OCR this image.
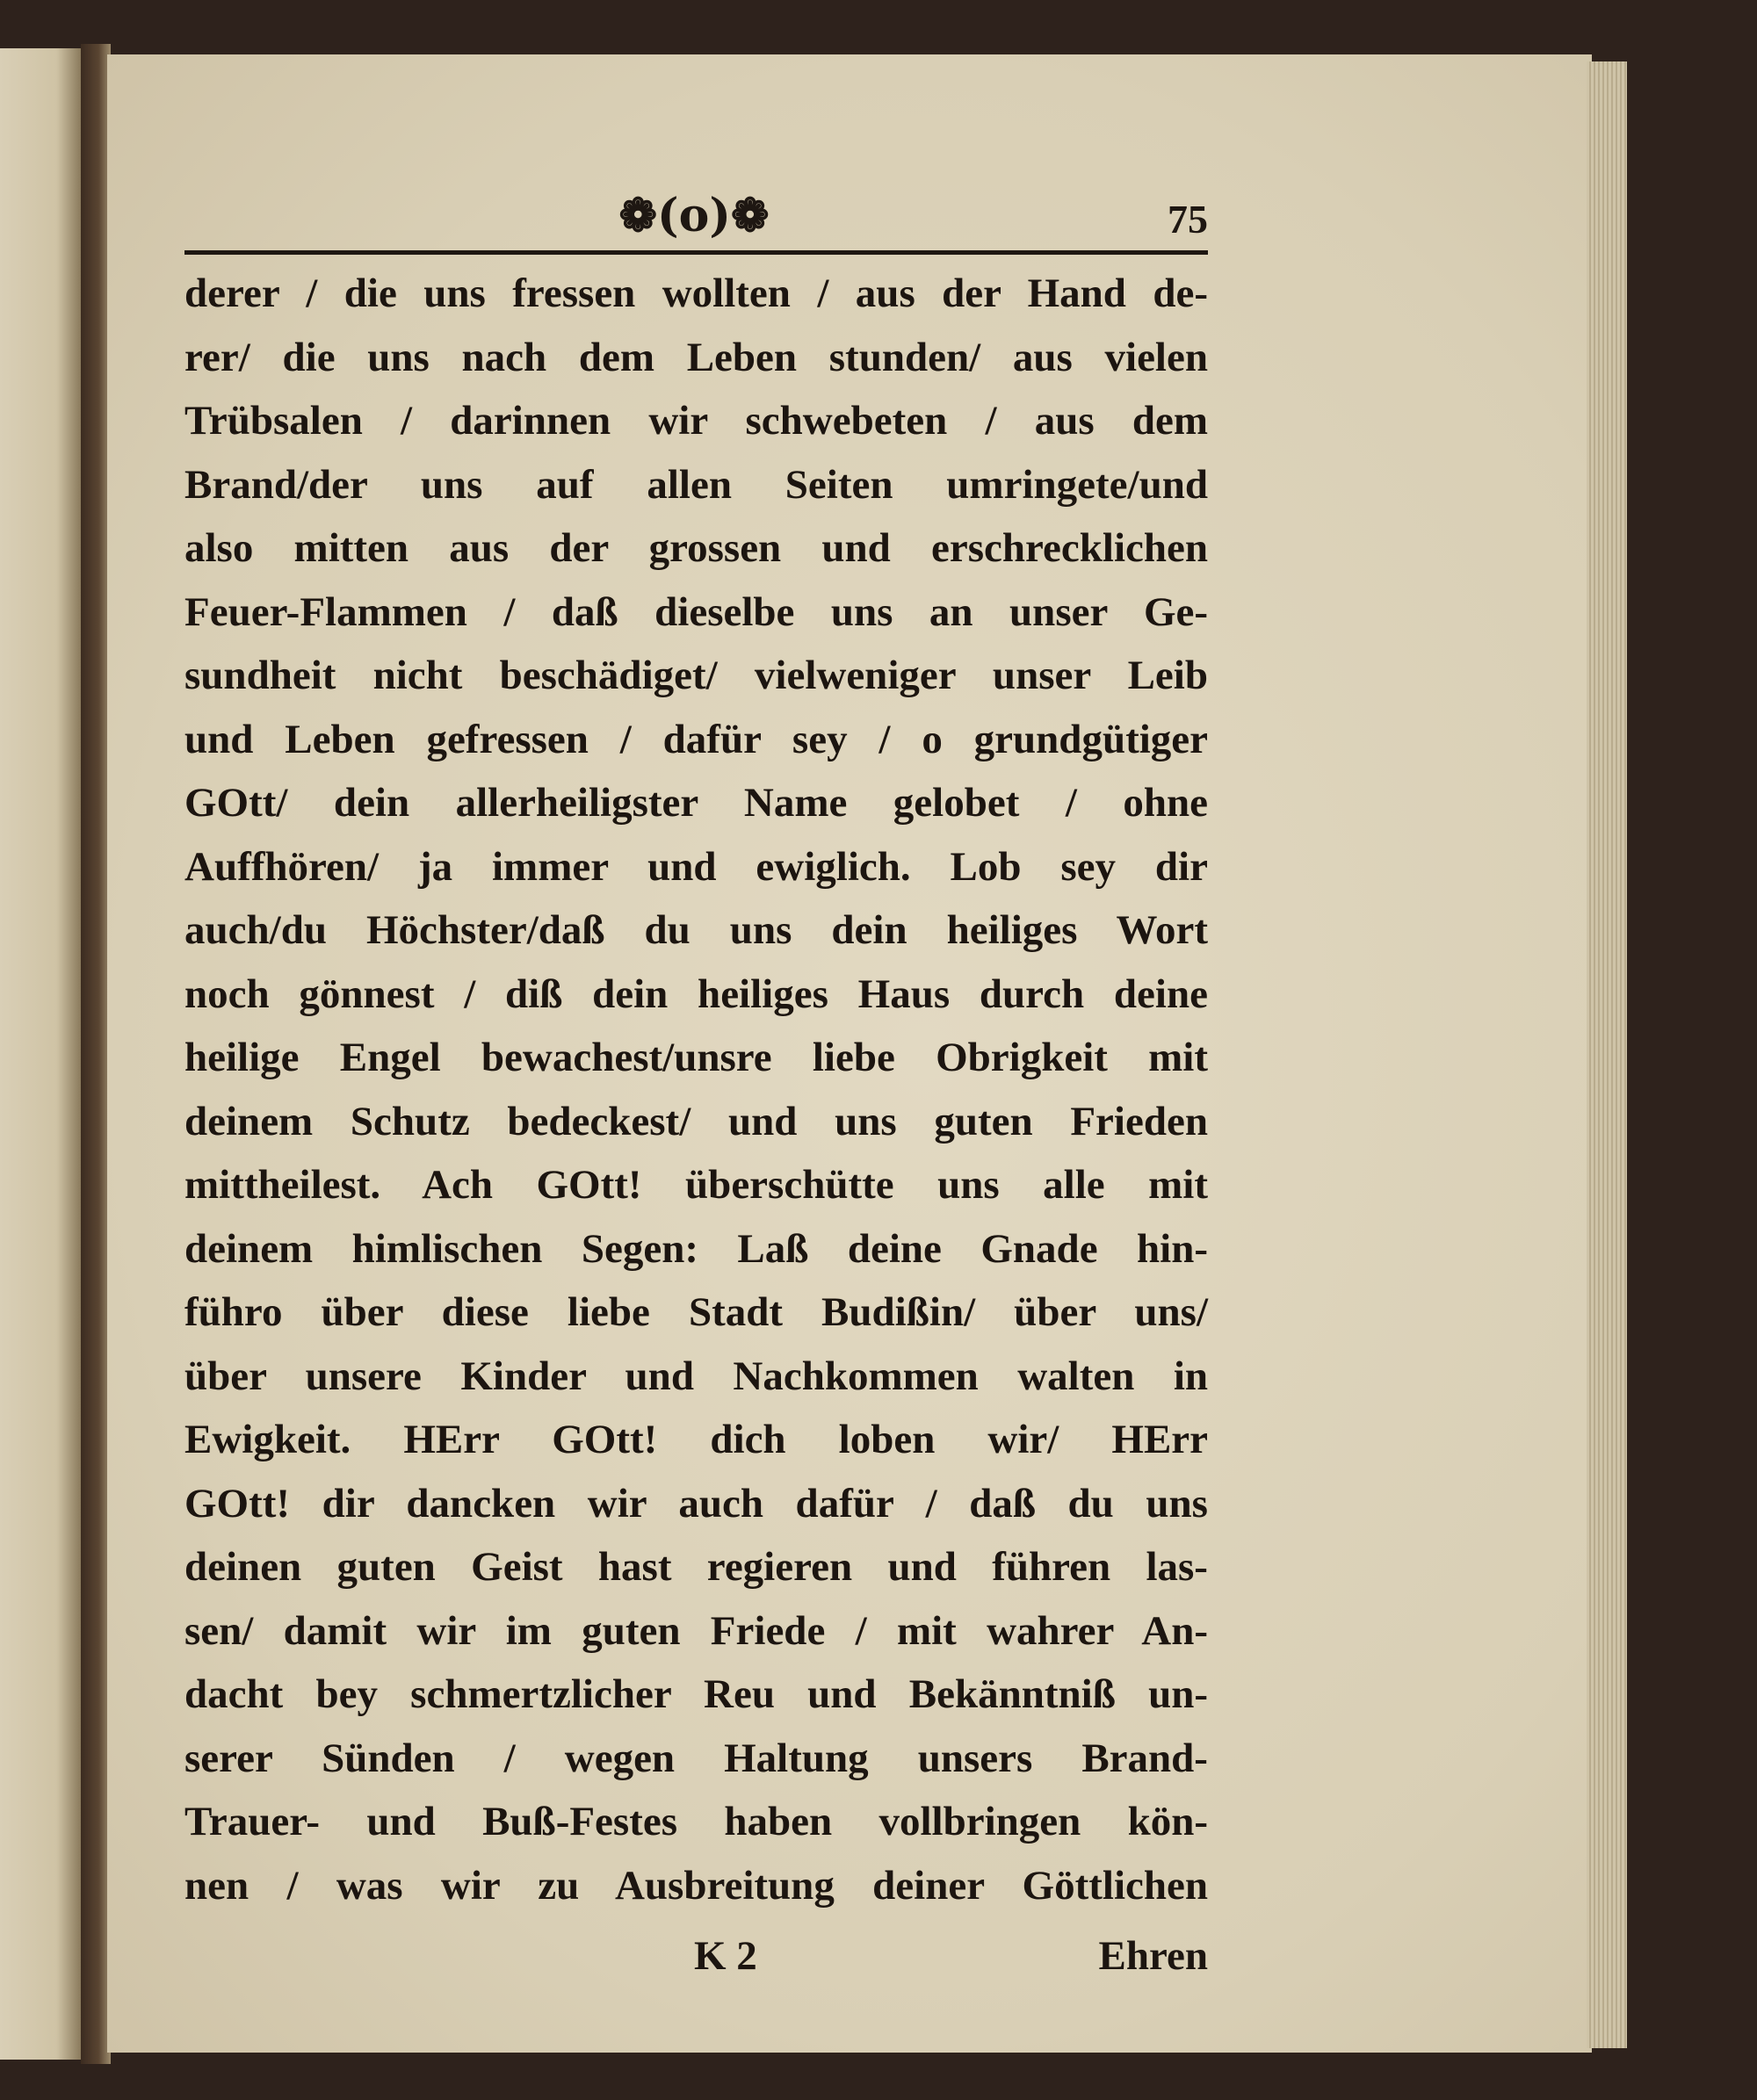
❁(o)❁	75
derer / die uns fressen wollten / aus der Hand de-
rer/ die uns nach dem Leben stunden/ aus vielen
Trübsalen / darinnen wir schwebeten / aus dem
Brand/der uns auf allen Seiten umringete/und
also mitten aus der grossen und erschrecklichen
Feuer-Flammen / daß dieselbe uns an unser Ge-
sundheit nicht beschädiget/ vielweniger unser Leib
und Leben gefressen / dafür sey / o grundgütiger
GOtt/ dein allerheiligster Name gelobet / ohne
Auffhören/ ja immer und ewiglich. Lob sey dir
auch/du Höchster/daß du uns dein heiliges Wort
noch gönnest / diß dein heiliges Haus durch deine
heilige Engel bewachest/unsre liebe Obrigkeit mit
deinem Schutz bedeckest/ und uns guten Frieden
mittheilest. Ach GOtt! überschütte uns alle mit
deinem himlischen Segen: Laß deine Gnade hin-
führo über diese liebe Stadt Budißin/ über uns/
über unsere Kinder und Nachkommen walten in
Ewigkeit. HErr GOtt! dich loben wir/ HErr
GOtt! dir dancken wir auch dafür / daß du uns
deinen guten Geist hast regieren und führen las-
sen/ damit wir im guten Friede / mit wahrer An-
dacht bey schmertzlicher Reu und Bekänntniß un-
serer Sünden / wegen Haltung unsers Brand-
Trauer- und Buß-Festes haben vollbringen kön-
nen / was wir zu Ausbreitung deiner Göttlichen
K 2	Ehren
